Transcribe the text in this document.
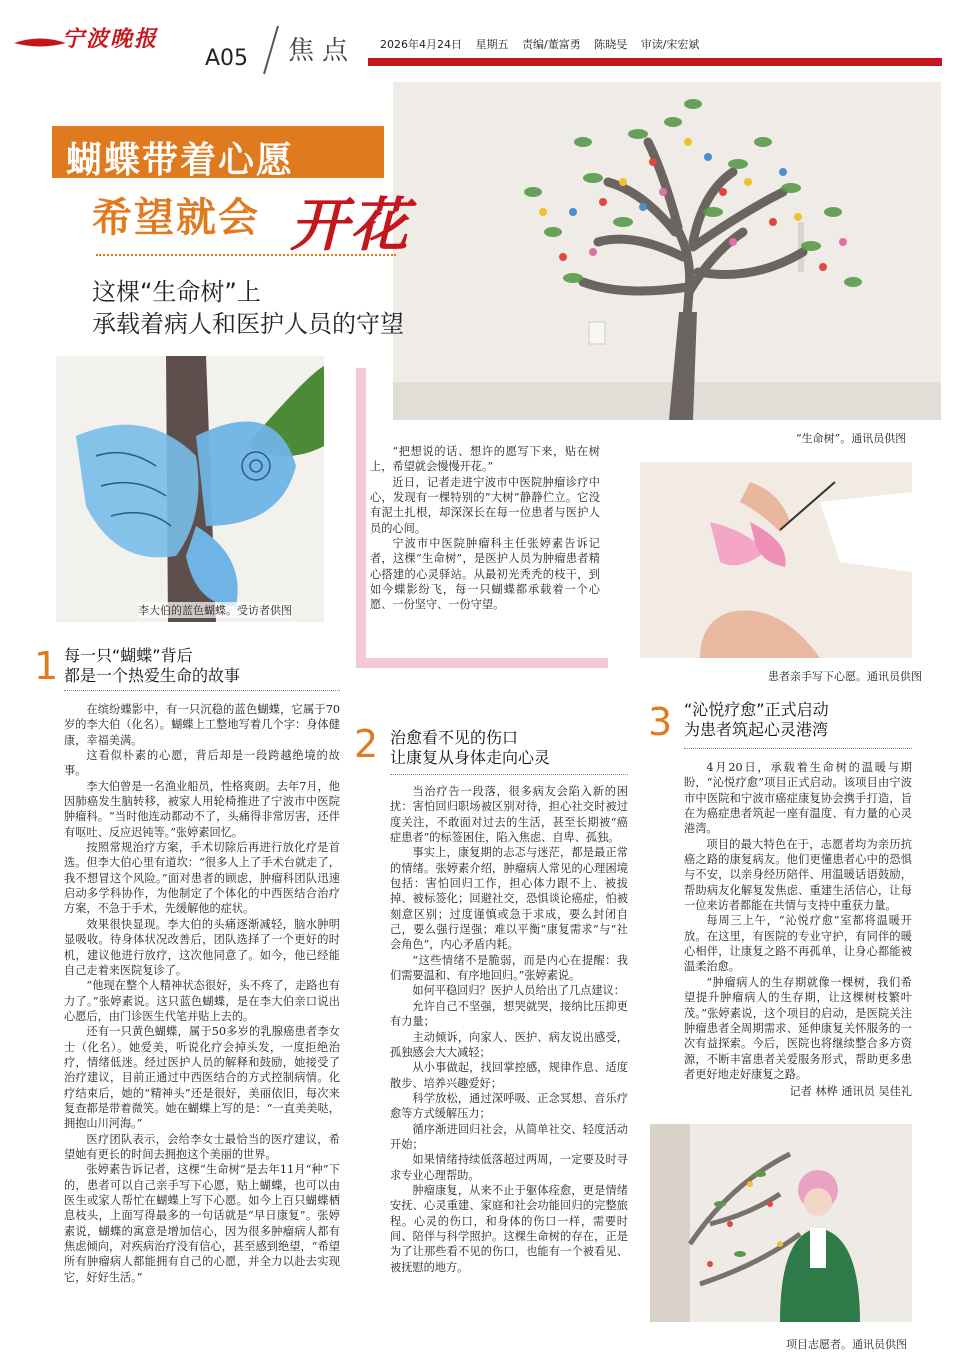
宁波晚报
A05 焦点 2026年4月24日 星期五 责编/董富勇 陈晓旻 审读/宋宏斌
蝴蝶带着心愿
希望就会 开花
这棵“生命树”上
承载着病人和医护人员的守望
“生命树”。通讯员供图
李大伯的蓝色蝴蝶。受访者供图

“把想说的话、想许的愿写下来，贴在树上，希望就会慢慢开花。”

近日，记者走进宁波市中医院肿瘤诊疗中心，发现有一棵特别的“大树”静静伫立。它没有泥土扎根，却深深长在每一位患者与医护人员的心间。

宁波市中医院肿瘤科主任张婷素告诉记者，这棵“生命树”，是医护人员为肿瘤患者精心搭建的心灵驿站。从最初光秃秃的枝干，到如今蝶影纷飞，每一只蝴蝶都承载着一个心愿、一份坚守、一份守望。

患者亲手写下心愿。通讯员供图
1 每一只“蝴蝶”背后
都是一个热爱生命的故事

在缤纷蝶影中，有一只沉稳的蓝色蝴蝶，它属于70岁的李大伯（化名）。蝴蝶上工整地写着几个字：身体健康，幸福美满。

这看似朴素的心愿，背后却是一段跨越绝境的故事。

李大伯曾是一名渔业船员，性格爽朗。去年7月，他因肺癌发生脑转移，被家人用轮椅推进了宁波市中医院肿瘤科。“当时他连动都动不了，头痛得非常厉害，还伴有呕吐、反应迟钝等。”张婷素回忆。

按照常规治疗方案，手术切除后再进行放化疗是首选。但李大伯心里有道坎：“很多人上了手术台就走了，我不想冒这个风险。”面对患者的顾虑，肿瘤科团队迅速启动多学科协作，为他制定了个体化的中西医结合治疗方案，不急于手术，先缓解他的症状。

效果很快显现。李大伯的头痛逐渐减轻，脑水肿明显吸收。待身体状况改善后，团队选择了一个更好的时机，建议他进行放疗，这次他同意了。如今，他已经能自己走着来医院复诊了。

“他现在整个人精神状态很好，头不疼了，走路也有力了。”张婷素说。这只蓝色蝴蝶，是在李大伯亲口说出心愿后，由门诊医生代笔并贴上去的。

还有一只黄色蝴蝶，属于50多岁的乳腺癌患者李女士（化名）。她爱美，听说化疗会掉头发，一度拒绝治疗，情绪低迷。经过医护人员的解释和鼓励，她接受了治疗建议，目前正通过中西医结合的方式控制病情。化疗结束后，她的“精神头”还是很好，美丽依旧，每次来复查都是带着微笑。她在蝴蝶上写的是：“一直美美哒，拥抱山川河海。”

医疗团队表示，会给李女士最恰当的医疗建议，希望她有更长的时间去拥抱这个美丽的世界。

张婷素告诉记者，这棵“生命树”是去年11月“种”下的，患者可以自己亲手写下心愿，贴上蝴蝶，也可以由医生或家人帮忙在蝴蝶上写下心愿。如今上百只蝴蝶栖息枝头，上面写得最多的一句话就是“早日康复”。张婷素说，蝴蝶的寓意是增加信心，因为很多肿瘤病人都有焦虑倾向，对疾病治疗没有信心，甚至感到绝望，“希望所有肿瘤病人都能拥有自己的心愿，并全力以赴去实现它，好好生活。”

2 治愈看不见的伤口
让康复从身体走向心灵

当治疗告一段落，很多病友会陷入新的困扰：害怕回归职场被区别对待，担心社交时被过度关注，不敢面对过去的生活，甚至长期被“癌症患者”的标签困住，陷入焦虑、自卑、孤独。

事实上，康复期的忐忑与迷茫，都是最正常的情绪。张婷素介绍，肿瘤病人常见的心理困境包括：害怕回归工作，担心体力跟不上、被拔掉、被标签化；回避社交，恐惧谈论癌症，怕被刻意区别；过度谨慎或急于求成，要么封闭自己，要么强行逞强；难以平衡“康复需求”与“社会角色”，内心矛盾内耗。

“这些情绪不是脆弱，而是内心在提醒：我们需要温和、有序地回归。”张婷素说。

如何平稳回归？医护人员给出了几点建议：

允许自己不坚强，想哭就哭，接纳比压抑更有力量；

主动倾诉，向家人、医护、病友说出感受，孤独感会大大减轻；

从小事做起，找回掌控感，规律作息、适度散步、培养兴趣爱好；

科学放松，通过深呼吸、正念冥想、音乐疗愈等方式缓解压力；

循序渐进回归社会，从简单社交、轻度活动开始；

如果情绪持续低落超过两周，一定要及时寻求专业心理帮助。

肿瘤康复，从来不止于躯体痊愈，更是情绪安抚、心灵重建、家庭和社会功能回归的完整旅程。心灵的伤口，和身体的伤口一样，需要时间、陪伴与科学照护。这棵生命树的存在，正是为了让那些看不见的伤口，也能有一个被看见、被抚慰的地方。

3 “沁悦疗愈”正式启动
为患者筑起心灵港湾

4月20日，承载着生命树的温暖与期盼，“沁悦疗愈”项目正式启动。该项目由宁波市中医院和宁波市癌症康复协会携手打造，旨在为癌症患者筑起一座有温度、有力量的心灵港湾。

项目的最大特色在于，志愿者均为亲历抗癌之路的康复病友。他们更懂患者心中的恐惧与不安，以亲身经历陪伴、用温暖话语鼓励，帮助病友化解复发焦虑、重建生活信心，让每一位来访者都能在共情与支持中重获力量。

每周三上午，“沁悦疗愈”室都将温暖开放。在这里，有医院的专业守护，有同伴的暖心相伴，让康复之路不再孤单，让身心都能被温柔治愈。

“肿瘤病人的生存期就像一棵树，我们希望提升肿瘤病人的生存期，让这棵树枝繁叶茂。”张婷素说，这个项目的启动，是医院关注肿瘤患者全周期需求、延伸康复关怀服务的一次有益探索。今后，医院也将继续整合多方资源，不断丰富患者关爱服务形式，帮助更多患者更好地走好康复之路。

记者 林桦 通讯员 吴佳礼

项目志愿者。通讯员供图
